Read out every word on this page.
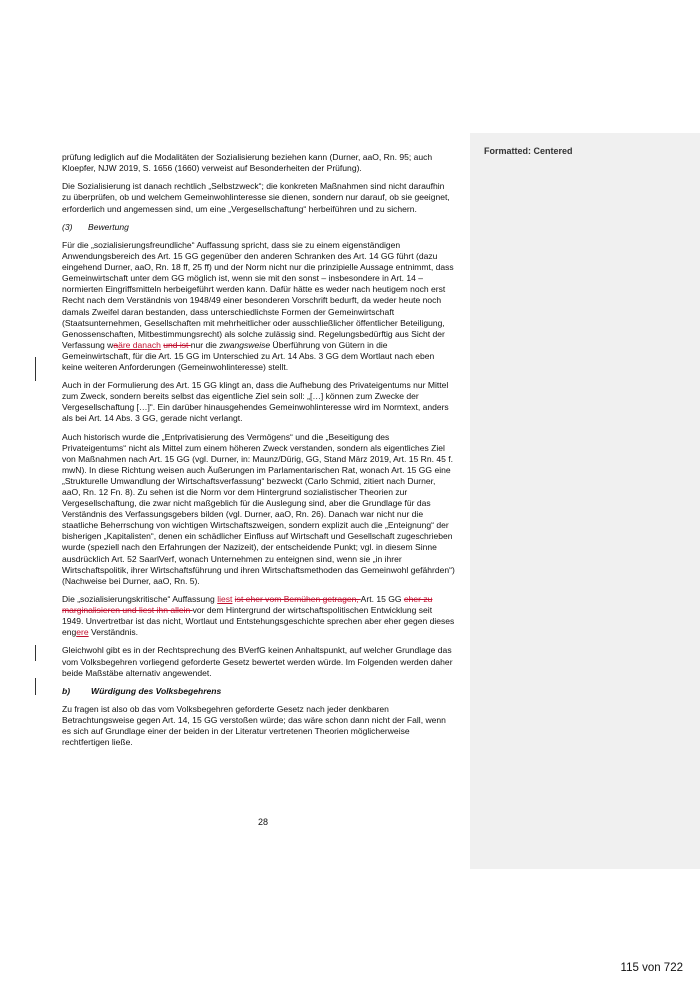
Formatted: Centered

prüfung lediglich auf die Modalitäten der Sozialisierung beziehen kann (Durner, aaO, Rn. 95; auch Kloepfer, NJW 2019, S. 1656 (1660) verweist auf Besonderheiten der Prüfung).

Die Sozialisierung ist danach rechtlich „Selbstzweck“; die konkreten Maßnahmen sind nicht daraufhin zu überprüfen, ob und welchem Gemeinwohlinteresse sie dienen, sondern nur darauf, ob sie geeignet, erforderlich und angemessen sind, um eine „Vergesellschaftung“ herbeiführen und zu sichern.

(3) Bewertung

Für die „sozialisierungsfreundliche“ Auffassung spricht, dass sie zu einem eigenständigen Anwendungsbereich des Art. 15 GG gegenüber den anderen Schranken des Art. 14 GG führt (dazu eingehend Durner, aaO, Rn. 18 ff, 25 ff) und der Norm nicht nur die prinzipielle Aussage entnimmt, dass Gemeinwirtschaft unter dem GG möglich ist, wenn sie mit den sonst – insbesondere in Art. 14 – normierten Eingriffsmitteln herbeigeführt werden kann. Dafür hätte es weder nach heutigem noch erst Recht nach dem Verständnis von 1948/49 einer besonderen Vorschrift bedurft, da weder heute noch damals Zweifel daran bestanden, dass unterschiedlichste Formen der Gemeinwirtschaft (Staatsunternehmen, Gesellschaften mit mehrheitlicher oder ausschließlicher öffentlicher Beteiligung, Genossenschaften, Mitbestimmungsrecht) als solche zulässig sind. Regelungsbedürftig aus Sicht der Verfassung waäre danach und ist nur die zwangsweise Überführung von Gütern in die Gemeinwirtschaft, für die Art. 15 GG im Unterschied zu Art. 14 Abs. 3 GG dem Wortlaut nach eben keine weiteren Anforderungen (Gemeinwohlinteresse) stellt.

Auch in der Formulierung des Art. 15 GG klingt an, dass die Aufhebung des Privateigentums nur Mittel zum Zweck, sondern bereits selbst das eigentliche Ziel sein soll: „[…] können zum Zwecke der Vergesellschaftung […]“. Ein darüber hinausgehendes Gemeinwohlinteresse wird im Normtext, anders als bei Art. 14 Abs. 3 GG, gerade nicht verlangt.

Auch historisch wurde die „Entprivatisierung des Vermögens“ und die „Beseitigung des Privateigentums“ nicht als Mittel zum einem höheren Zweck verstanden, sondern als eigentliches Ziel von Maßnahmen nach Art. 15 GG (vgl. Durner, in: Maunz/Dürig, GG, Stand März 2019, Art. 15 Rn. 45 f. mwN). In diese Richtung weisen auch Äußerungen im Parlamentarischen Rat, wonach Art. 15 GG eine „Strukturelle Umwandlung der Wirtschaftsverfassung“ bezweckt (Carlo Schmid, zitiert nach Durner, aaO, Rn. 12 Fn. 8). Zu sehen ist die Norm vor dem Hintergrund sozialistischer Theorien zur Vergesellschaftung, die zwar nicht maßgeblich für die Auslegung sind, aber die Grundlage für das Verständnis des Verfassungsgebers bilden (vgl. Durner, aaO, Rn. 26). Danach war nicht nur die staatliche Beherrschung von wichtigen Wirtschaftszweigen, sondern explizit auch die „Enteignung“ der bisherigen „Kapitalisten“, denen ein schädlicher Einfluss auf Wirtschaft und Gesellschaft zugeschrieben wurde (speziell nach den Erfahrungen der Nazizeit), der entscheidende Punkt; vgl. in diesem Sinne ausdrücklich Art. 52 SaarlVerf, wonach Unternehmen zu enteignen sind, wenn sie „in ihrer Wirtschaftspolitik, ihrer Wirtschaftsführung und ihren Wirtschaftsmethoden das Gemeinwohl gefährden“) (Nachweise bei Durner, aaO, Rn. 5).

Die „sozialisierungskritische“ Auffassung liest ist eher vom Bemühen getragen, Art. 15 GG eher zu marginalisieren und liest ihn allein vor dem Hintergrund der wirtschaftspolitischen Entwicklung seit 1949. Unvertretbar ist das nicht, Wortlaut und Entstehungsgeschichte sprechen aber eher gegen dieses engere Verständnis.

Gleichwohl gibt es in der Rechtsprechung des BVerfG keinen Anhaltspunkt, auf welcher Grundlage das vom Volksbegehren vorliegend geforderte Gesetz bewertet werden würde. Im Folgenden werden daher beide Maßstäbe alternativ angewendet.

b) Würdigung des Volksbegehrens

Zu fragen ist also ob das vom Volksbegehren geforderte Gesetz nach jeder denkbaren Betrachtungsweise gegen Art. 14, 15 GG verstoßen würde; das wäre schon dann nicht der Fall, wenn es sich auf Grundlage einer der beiden in der Literatur vertretenen Theorien möglicherweise rechtfertigen ließe.

28
115 von 722
